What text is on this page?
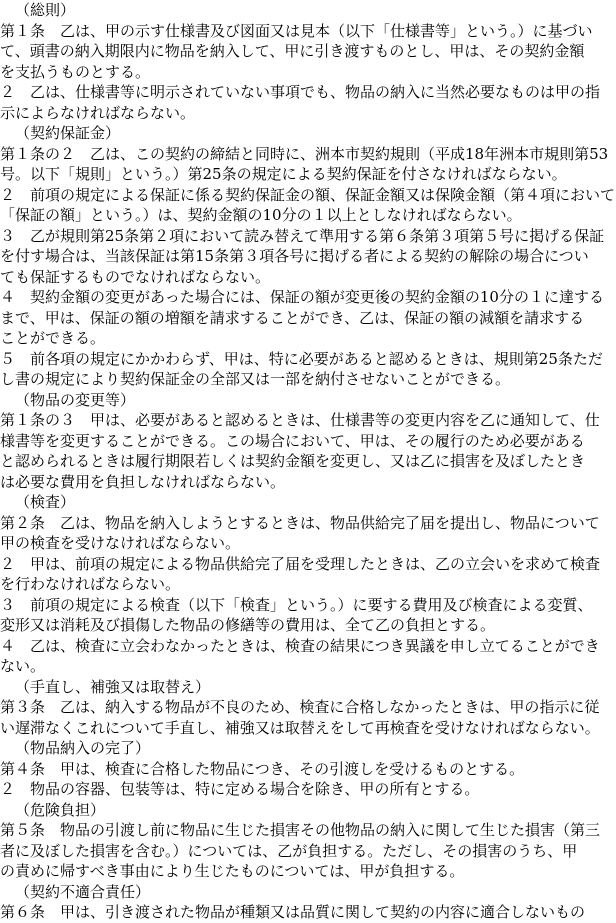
（総則）
第１条　乙は、甲の示す仕様書及び図面又は見本（以下「仕様書等」という。）に基づい
て、頭書の納入期限内に物品を納入して、甲に引き渡すものとし、甲は、その契約金額
を支払うものとする。
２　乙は、仕様書等に明示されていない事項でも、物品の納入に当然必要なものは甲の指
示によらなければならない。
（契約保証金）
第１条の２　乙は、この契約の締結と同時に、洲本市契約規則（平成18年洲本市規則第53
号。以下「規則」という。）第25条の規定による契約保証を付さなければならない。
２　前項の規定による保証に係る契約保証金の額、保証金額又は保険金額（第４項において
「保証の額」という。）は、契約金額の10分の１以上としなければならない。
３　乙が規則第25条第２項において読み替えて準用する第６条第３項第５号に掲げる保証
を付す場合は、当該保証は第15条第３項各号に掲げる者による契約の解除の場合につい
ても保証するものでなければならない。
４　契約金額の変更があった場合には、保証の額が変更後の契約金額の10分の１に達する
まで、甲は、保証の額の増額を請求することができ、乙は、保証の額の減額を請求する
ことができる。
５　前各項の規定にかかわらず、甲は、特に必要があると認めるときは、規則第25条ただ
し書の規定により契約保証金の全部又は一部を納付させないことができる。
（物品の変更等）
第１条の３　甲は、必要があると認めるときは、仕様書等の変更内容を乙に通知して、仕
様書等を変更することができる。この場合において、甲は、その履行のため必要がある
と認められるときは履行期限若しくは契約金額を変更し、又は乙に損害を及ぼしたとき
は必要な費用を負担しなければならない。
（検査）
第２条　乙は、物品を納入しようとするときは、物品供給完了届を提出し、物品について
甲の検査を受けなければならない。
２　甲は、前項の規定による物品供給完了届を受理したときは、乙の立会いを求めて検査
を行わなければならない。
３　前項の規定による検査（以下「検査」という。）に要する費用及び検査による変質、
変形又は消耗及び損傷した物品の修繕等の費用は、全て乙の負担とする。
４　乙は、検査に立会わなかったときは、検査の結果につき異議を申し立てることができ
ない。
（手直し、補強又は取替え）
第３条　乙は、納入する物品が不良のため、検査に合格しなかったときは、甲の指示に従
い遅滞なくこれについて手直し、補強又は取替えをして再検査を受けなければならない。
（物品納入の完了）
第４条　甲は、検査に合格した物品につき、その引渡しを受けるものとする。
２　物品の容器、包装等は、特に定める場合を除き、甲の所有とする。
（危険負担）
第５条　物品の引渡し前に物品に生じた損害その他物品の納入に関して生じた損害（第三
者に及ぼした損害を含む。）については、乙が負担する。ただし、その損害のうち、甲
の責めに帰すべき事由により生じたものについては、甲が負担する。
（契約不適合責任）
第６条　甲は、引き渡された物品が種類又は品質に関して契約の内容に適合しないもの
